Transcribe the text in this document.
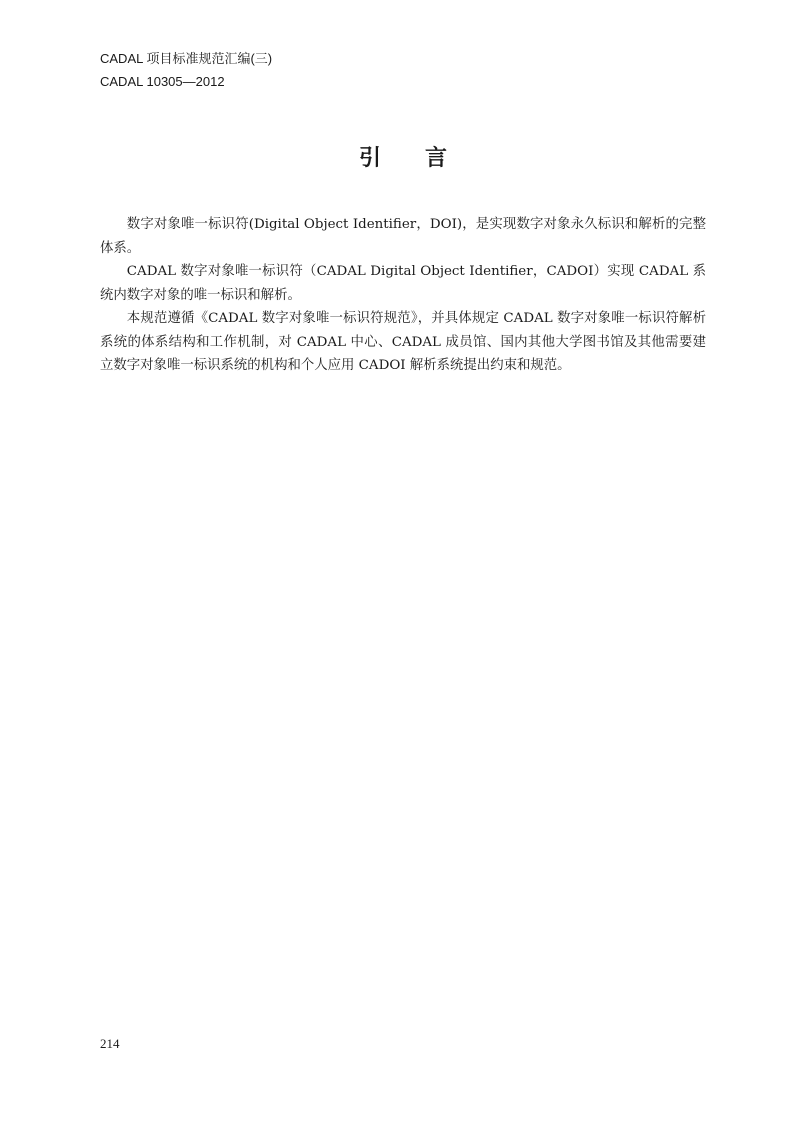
CADAL 项目标准规范汇编(三)
CADAL 10305—2012
引言

数字对象唯一标识符(Digital Object Identifier，DOI)，是实现数字对象永久标识和解析的完整体系。

CADAL 数字对象唯一标识符（CADAL Digital Object Identifier，CADOI）实现 CADAL 系统内数字对象的唯一标识和解析。

本规范遵循《CADAL 数字对象唯一标识符规范》，并具体规定 CADAL 数字对象唯一标识符解析系统的体系结构和工作机制，对 CADAL 中心、CADAL 成员馆、国内其他大学图书馆及其他需要建立数字对象唯一标识系统的机构和个人应用 CADOI 解析系统提出约束和规范。

214
